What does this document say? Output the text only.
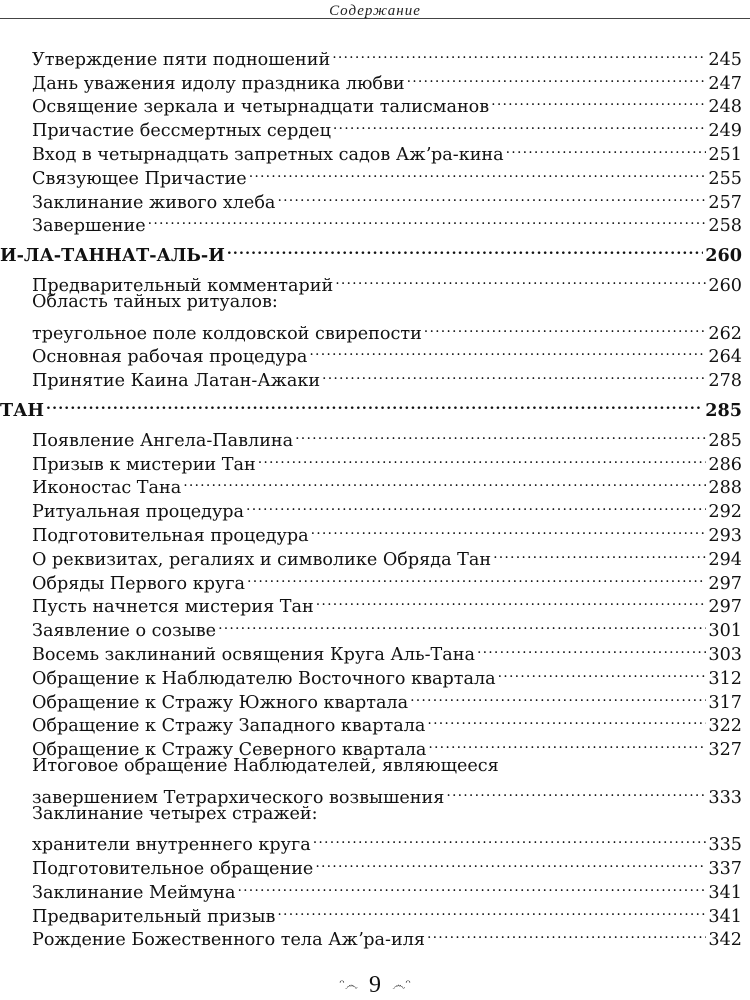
Содержание
Утверждение пяти подношений .....	245
Дань уважения идолу праздника любви .....	247
Освящение зеркала и четырнадцати талисманов .....	248
Причастие бессмертных сердец .....	249
Вход в четырнадцать запретных садов Ажʼра-кина .....	251
Связующее Причастие .....	255
Заклинание живого хлеба .....	257
Завершение .....	258
И-ЛА-ТАННАТ-АЛЬ-И .....	260
Предварительный комментарий .....	260
Область тайных ритуалов:
треугольное поле колдовской свирепости .....	262
Основная рабочая процедура .....	264
Принятие Каина Латан-Ажаки .....	278
ТАН .....	285
Появление Ангела-Павлина .....	285
Призыв к мистерии Тан .....	286
Иконостас Тана .....	288
Ритуальная процедура .....	292
Подготовительная процедура .....	293
О реквизитах, регалиях и символике Обряда Тан .....	294
Обряды Первого круга .....	297
Пусть начнется мистерия Тан .....	297
Заявление о созыве .....	301
Восемь заклинаний освящения Круга Аль-Тана .....	303
Обращение к Наблюдателю Восточного квартала .....	312
Обращение к Стражу Южного квартала .....	317
Обращение к Стражу Западного квартала .....	322
Обращение к Стражу Северного квартала .....	327
Итоговое обращение Наблюдателей, являющееся
завершением Тетрархического возвышения .....	333
Заклинание четырех стражей:
хранители внутреннего круга .....	335
Подготовительное обращение .....	337
Заклинание Меймуна .....	341
Предварительный призыв .....	341
Рождение Божественного тела Ажʼра-иля .....	342
ᵔ෴ 9 ෴ᵔ
